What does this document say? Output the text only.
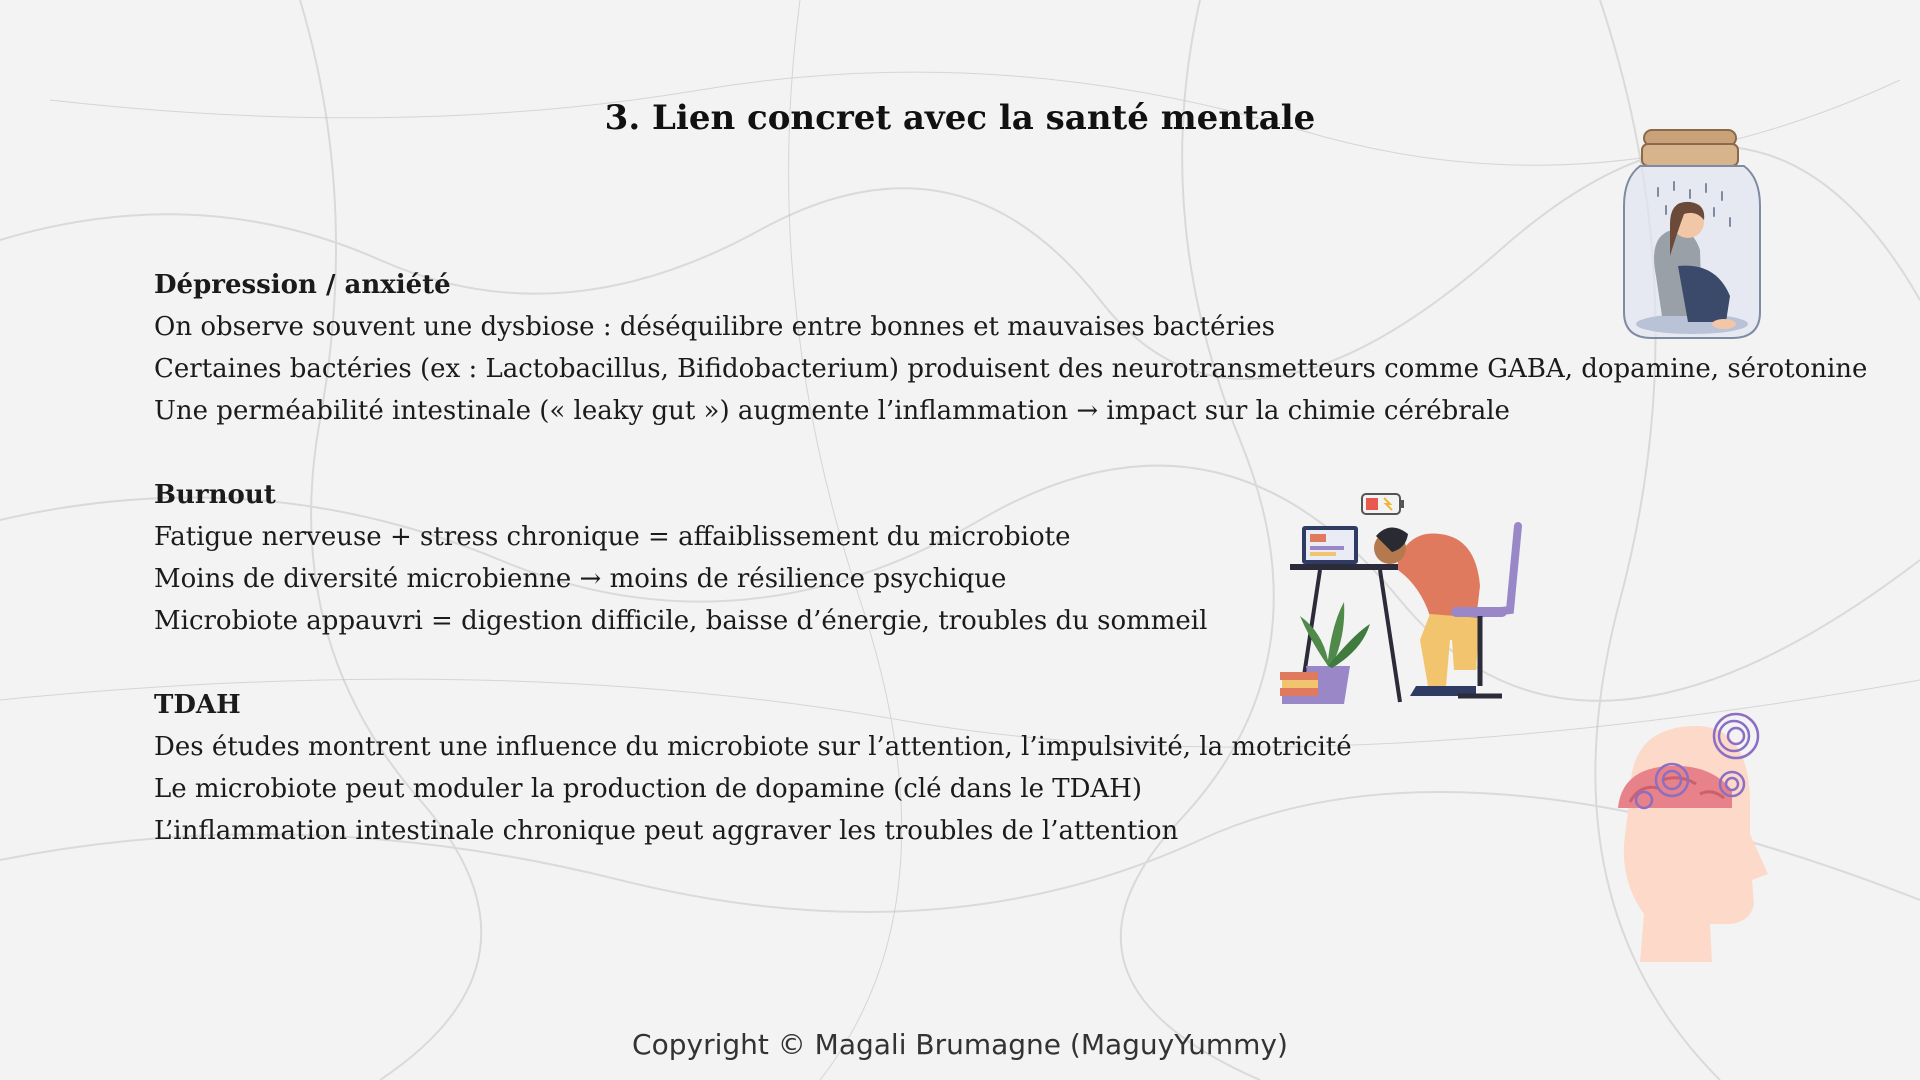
3. Lien concret avec la santé mentale
Dépression / anxiété
On observe souvent une dysbiose : déséquilibre entre bonnes et mauvaises bactéries
Certaines bactéries (ex : Lactobacillus, Bifidobacterium) produisent des neurotransmetteurs comme GABA, dopamine, sérotonine
Une perméabilité intestinale (« leaky gut ») augmente l’inflammation → impact sur la chimie cérébrale
Burnout
Fatigue nerveuse + stress chronique = affaiblissement du microbiote
Moins de diversité microbienne → moins de résilience psychique
Microbiote appauvri = digestion difficile, baisse d’énergie, troubles du sommeil
TDAH
Des études montrent une influence du microbiote sur l’attention, l’impulsivité, la motricité
Le microbiote peut moduler la production de dopamine (clé dans le TDAH)
L’inflammation intestinale chronique peut aggraver les troubles de l’attention
Copyright © Magali Brumagne (MaguyYummy)
